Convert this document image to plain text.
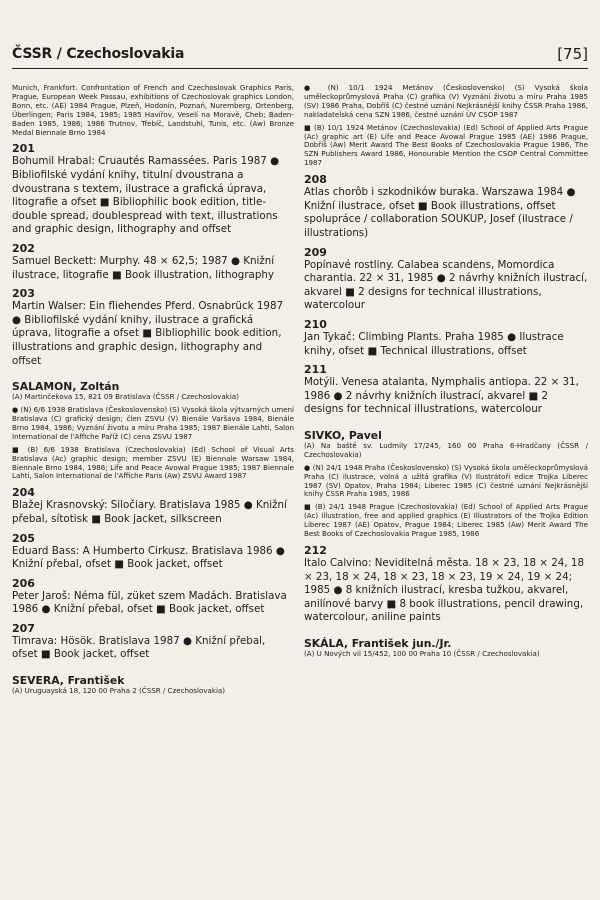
ČSSR / Czechoslovakia	[75]
Munich, Frankfort. Confrontation of French and Czechoslovak Graphics Paris, Prague, European Week Passau, exhibitions of Czechoslovak graphics London, Bonn, etc. (AE) 1984 Prague, Plzeň, Hodonín, Poznań, Nuremberg, Ortenberg, Überlingen; Paris 1984, 1985; 1985 Havířov, Veselí na Moravě, Cheb; Baden-Baden 1985, 1986; 1986 Trutnov, Třebíč, Landstuhl, Tunis, etc. (Aw) Bronze Medal Biennale Brno 1984
201
Bohumil Hrabal: Cruautés Ramassées. Paris 1987 ● Bibliofilské vydání knihy, titulní dvoustrana a dvoustrana s textem, ilustrace a grafická úprava, litografie a ofset ■ Bibliophilic book edition, title-double spread, doublespread with text, illustrations and graphic design, lithography and offset
202
Samuel Beckett: Murphy. 48 × 62,5; 1987 ● Knižní ilustrace, litografie ■ Book illustration, lithography
203
Martin Walser: Ein fliehendes Pferd. Osnabrück 1987 ● Bibliofilské vydání knihy, ilustrace a grafická úprava, litografie a ofset ■ Bibliophilic book edition, illustrations and graphic design, lithography and offset
SALAMON, Zoltán
(A) Martinčekova 15, 821 09 Bratislava (ČSSR / Czechoslovakia)
● (N) 6/6 1938 Bratislava (Československo) (S) Vysoká škola výtvarných umení Bratislava (C) grafický design; člen ZSVU (V) Bienále Varšava 1984, Bienále Brno 1984, 1986; Vyznání životu a míru Praha 1985; 1987 Bienále Lahti, Salon International de l'Affiche Paříž (C) cena ZSVU 1987
■ (B) 6/6 1938 Bratislava (Czechoslovakia) (Ed) School of Visual Arts Bratislava (Ac) graphic design; member ZSVU (E) Biennale Warsaw 1984, Biennale Brno 1984, 1986; Life and Peace Avowal Prague 1985; 1987 Biennale Lahti, Salon International de l'Affiche Paris (Aw) ZSVU Award 1987
204
Blažej Krasnovský: Siločiary. Bratislava 1985 ● Knižní přebal, sítotisk ■ Book jacket, silkscreen
205
Eduard Bass: A Humberto Cirkusz. Bratislava 1986 ● Knižní přebal, ofset ■ Book jacket, offset
206
Peter Jaroš: Néma fül, züket szem Madách. Bratislava 1986 ● Knižní přebal, ofset ■ Book jacket, offset
207
Timrava: Hösök. Bratislava 1987 ● Knižní přebal, ofset ■ Book jacket, offset
SEVERA, František
(A) Uruguayská 18, 120 00 Praha 2 (ČSSR / Czechoslovakia)
● (N) 10/1 1924 Metánov (Československo) (S) Vysoká škola uměleckoprůmyslová Praha (C) grafika (V) Vyznání životu a míru Praha 1985 (SV) 1986 Praha, Dobříš (C) čestné uznání Nejkrásnější knihy ČSSR Praha 1986, nakladatelská cena SZN 1986, čestné uznání ÚV CSOP 1987
■ (B) 10/1 1924 Metánov (Czechoslovakia) (Ed) School of Applied Arts Prague (Ac) graphic art (E) Life and Peace Avowal Prague 1985 (AE) 1986 Prague, Dobříš (Aw) Merit Award The Best Books of Czechoslovakia Prague 1986, The SZN Publishers Award 1986, Honourable Mention the CSOP Central Committee 1987
208
Atlas chorôb i szkodników buraka. Warszawa 1984 ● Knižní ilustrace, ofset ■ Book illustrations, offset spolupráce / collaboration SOUKUP, Josef (ilustrace / illustrations)
209
Popínavé rostliny. Calabea scandens, Momordica charantia. 22 × 31, 1985 ● 2 návrhy knižních ilustrací, akvarel ■ 2 designs for technical illustrations, watercolour
210
Jan Tykač: Climbing Plants. Praha 1985 ● Ilustrace knihy, ofset ■ Technical illustrations, offset
211
Motýli. Venesa atalanta, Nymphalis antiopa. 22 × 31, 1986 ● 2 návrhy knižních ilustrací, akvarel ■ 2 designs for technical illustrations, watercolour
SIVKO, Pavel
(A) Na baště sv. Ludmily 17/245, 160 00 Praha 6-Hradčany (ČSSR / Czechoslovakia)
● (N) 24/1 1948 Praha (Československo) (S) Vysoká škola uměleckoprůmyslová Praha (C) ilustrace, volná a užitá grafika (V) Ilustrátoři edice Trojka Liberec 1987 (SV) Opatov, Praha 1984; Liberec 1985 (C) čestné uznání Nejkrásnější knihy ČSSR Praha 1985, 1986
■ (B) 24/1 1948 Prague (Czechoslovakia) (Ed) School of Applied Arts Prague (Ac) illustration, free and applied graphics (E) Illustrators of the Trojka Edition Liberec 1987 (AE) Opatov, Prague 1984; Liberec 1985 (Aw) Merit Award The Best Books of Czechoslovakia Prague 1985, 1986
212
Italo Calvino: Neviditelná města. 18 × 23, 18 × 24, 18 × 23, 18 × 24, 18 × 23, 18 × 23, 19 × 24, 19 × 24; 1985 ● 8 knižních ilustrací, kresba tužkou, akvarel, anilínové barvy ■ 8 book illustrations, pencil drawing, watercolour, aniline paints
SKÁLA, František jun./Jr.
(A) U Nových vil 15/452, 100 00 Praha 10 (ČSSR / Czechoslovakia)
